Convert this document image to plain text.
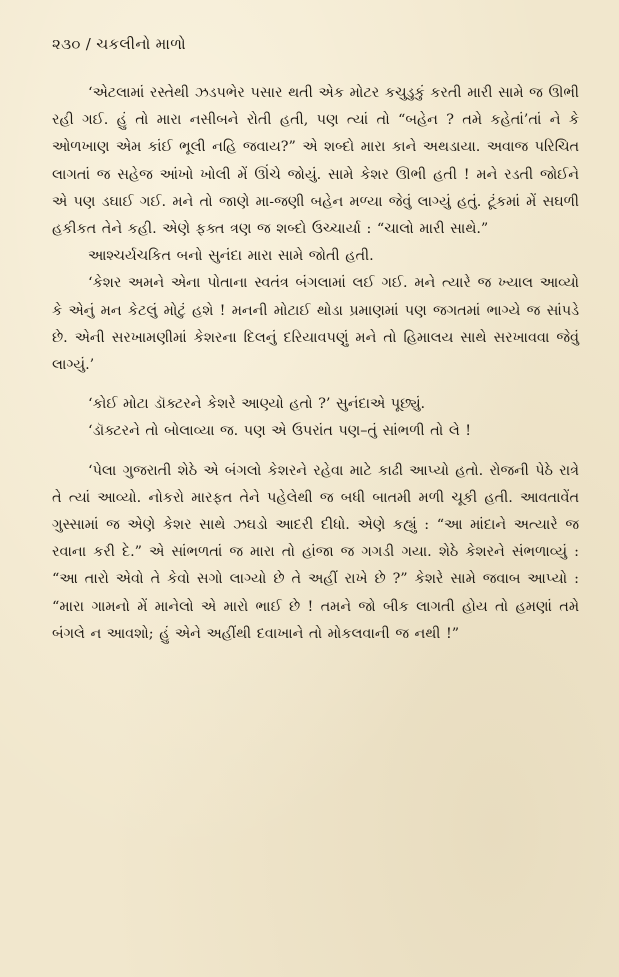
૨૩૦ / ચકલીનો માળો

‘એટલામાં રસ્તેથી ઝડપભેર પસાર થતી એક મોટર કચુડુકું કરતી મારી સામે જ ઊભી રહી ગઈ. હું તો મારા નસીબને રોતી હતી, પણ ત્યાં તો “બહેન ? તમે કહેતાં’તાં ને કે ઓળખાણ એમ કાંઈ ભૂલી નહિ જવાય?” એ શબ્દો મારા કાને અથડાયા. અવાજ પરિચિત લાગતાં જ સહેજ આંખો ખોલી મેં ઊંચે જોયું. સામે કેશર ઊભી હતી ! મને રડતી જોઈને એ પણ ડઘાઈ ગઈ. મને તો જાણે મા-જણી બહેન મળ્યા જેવું લાગ્યું હતું. ટૂંકમાં મેં સઘળી હકીકત તેને કહી. એણે ફક્ત ત્રણ જ શબ્દો ઉચ્ચાર્યા : “ચાલો મારી સાથે.”

આશ્ચર્યચકિત બનો સુનંદા મારા સામે જોતી હતી.

‘કેશર અમને એના પોતાના સ્વતંત્ર બંગલામાં લઈ ગઈ. મને ત્યારે જ ખ્યાલ આવ્યો કે એનું મન કેટલું મોટું હશે ! મનની મોટાઈ થોડા પ્રમાણમાં પણ જગતમાં ભાગ્યે જ સાંપડે છે. એની સરખામણીમાં કેશરના દિલનું દરિયાવપણું મને તો હિમાલય સાથે સરખાવવા જેવું લાગ્યું.’

‘કોઈ મોટા ડૉક્ટરને કેશરે આણ્યો હતો ?’ સુનંદાએ પૂછ્યું.

‘ડૉક્ટરને તો બોલાવ્યા જ. પણ એ ઉપરાંત પણ–તું સાંભળી તો લે !

‘પેલા ગુજરાતી શેઠે એ બંગલો કેશરને રહેવા માટે કાઢી આપ્યો હતો. રોજની પેઠે રાત્રે તે ત્યાં આવ્યો. નોકરો મારફત તેને પહેલેથી જ બધી બાતમી મળી ચૂકી હતી. આવતાવેંત ગુસ્સામાં જ એણે કેશર સાથે ઝઘડો આદરી દીધો. એણે કહ્યું : “આ માંદાને અત્યારે જ રવાના કરી દે.” એ સાંભળતાં જ મારા તો હાંજા જ ગગડી ગયા. શેઠે કેશરને સંભળાવ્યું : “આ તારો એવો તે કેવો સગો લાગ્યો છે તે અહીં રાખે છે ?” કેશરે સામે જવાબ આપ્યો : “મારા ગામનો મેં માનેલો એ મારો ભાઈ છે ! તમને જો બીક લાગતી હોય તો હમણાં તમે બંગલે ન આવશો; હું એને અહીંથી દવાખાને તો મોકલવાની જ નથી !”
